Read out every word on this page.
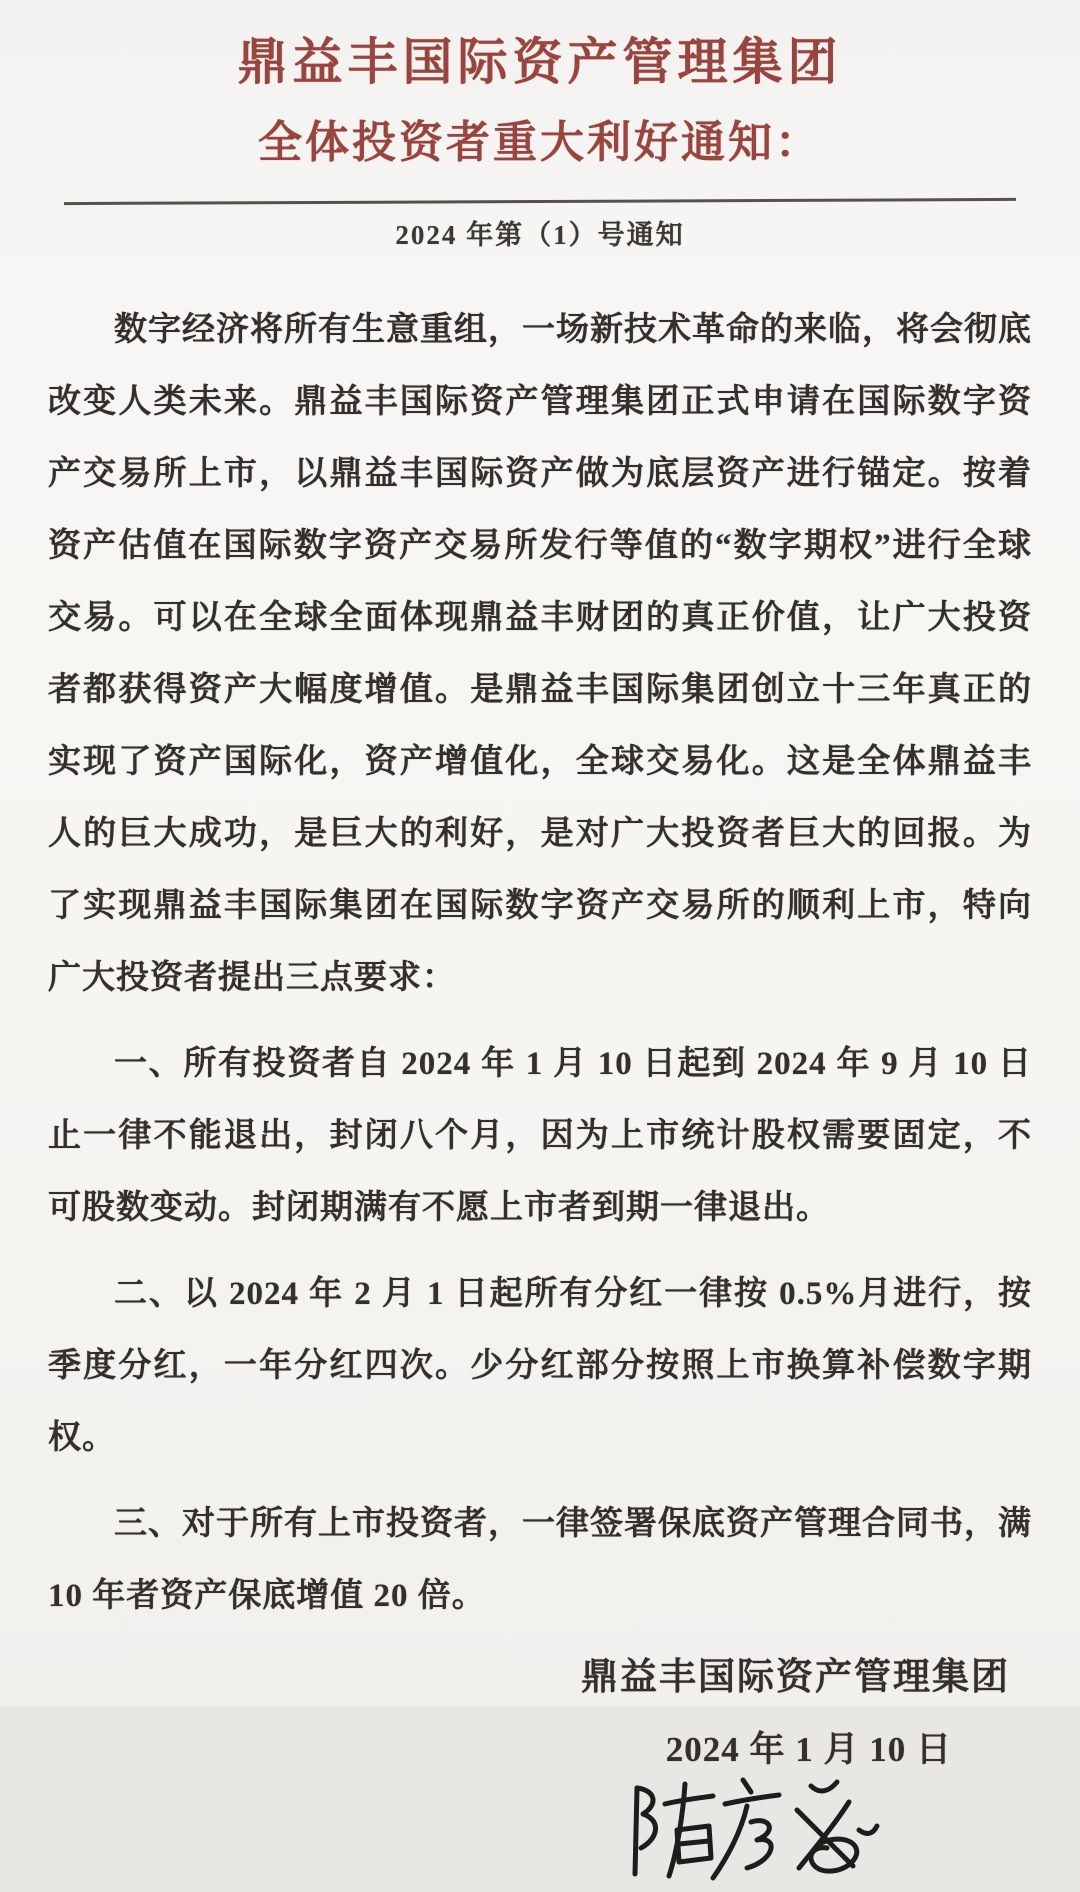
鼎益丰国际资产管理集团
全体投资者重大利好通知：
2024 年第（1）号通知

数字经济将所有生意重组，一场新技术革命的来临，将会彻底改变人类未来。鼎益丰国际资产管理集团正式申请在国际数字资产交易所上市，以鼎益丰国际资产做为底层资产进行锚定。按着资产估值在国际数字资产交易所发行等值的“数字期权”进行全球交易。可以在全球全面体现鼎益丰财团的真正价值，让广大投资者都获得资产大幅度增值。是鼎益丰国际集团创立十三年真正的实现了资产国际化，资产增值化，全球交易化。这是全体鼎益丰人的巨大成功，是巨大的利好，是对广大投资者巨大的回报。为了实现鼎益丰国际集团在国际数字资产交易所的顺利上市，特向广大投资者提出三点要求：

一、所有投资者自 2024 年 1 月 10 日起到 2024 年 9 月 10 日止一律不能退出，封闭八个月，因为上市统计股权需要固定，不可股数变动。封闭期满有不愿上市者到期一律退出。

二、以 2024 年 2 月 1 日起所有分红一律按 0.5%月进行，按季度分红，一年分红四次。少分红部分按照上市换算补偿数字期权。

三、对于所有上市投资者，一律签署保底资产管理合同书，满 10 年者资产保底增值 20 倍。

鼎益丰国际资产管理集团
2024 年 1 月 10 日
